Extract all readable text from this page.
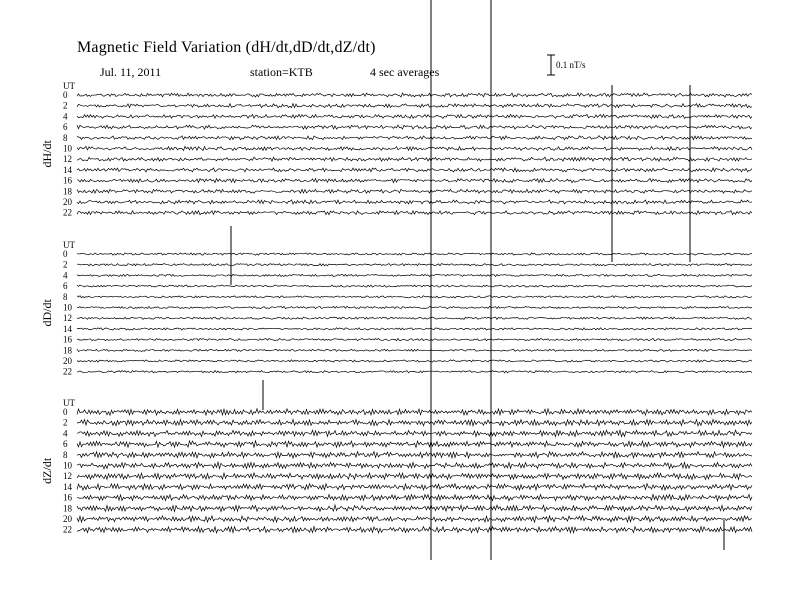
Magnetic Field Variation (dH/dt,dD/dt,dZ/dt)
Jul. 11, 2011	station=KTB	4 sec averages	0.1 nT/s
UT
dH/dt
0
2
4
6
8
10
12
14
16
18
20
22
UT
dD/dt
0
2
4
6
8
10
12
14
16
18
20
22
UT
dZ/dt
0
2
4
6
8
10
12
14
16
18
20
22
